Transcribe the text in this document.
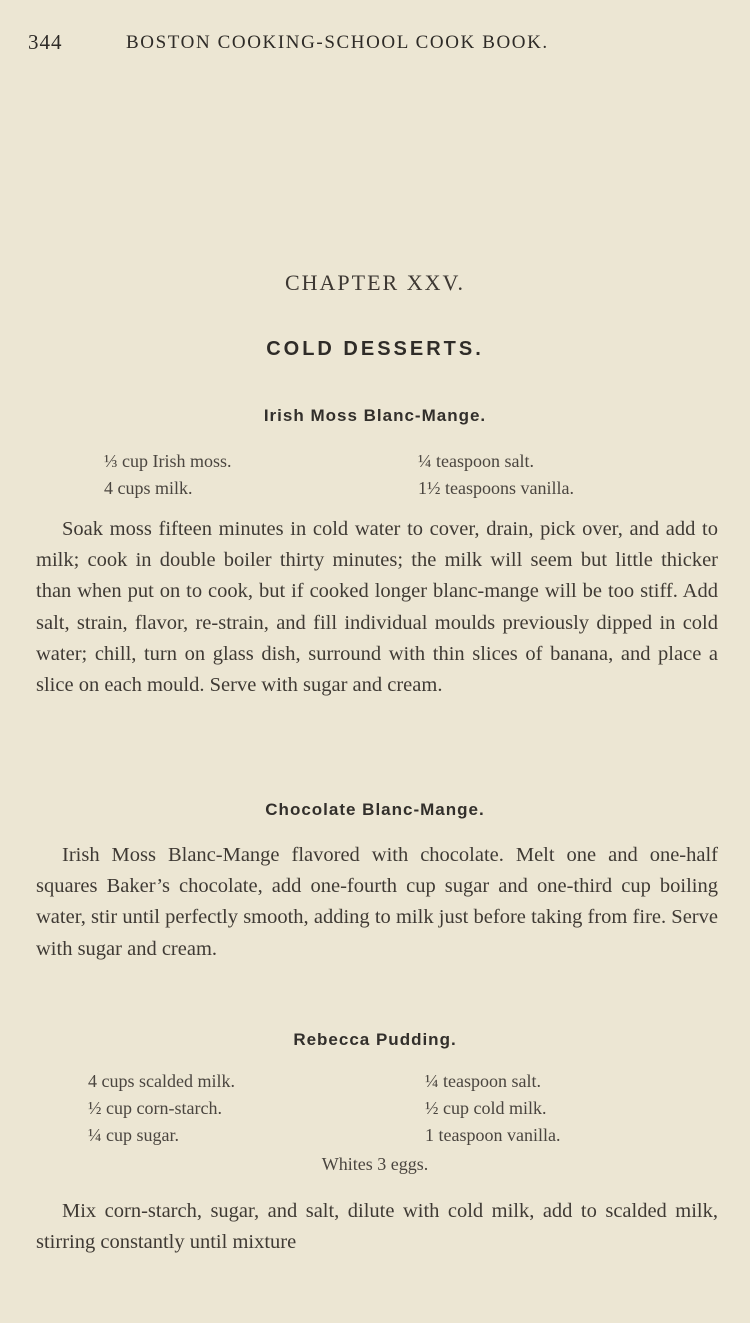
344	BOSTON COOKING-SCHOOL COOK BOOK.
CHAPTER XXV.
COLD DESSERTS.
Irish Moss Blanc-Mange.
⅓ cup Irish moss.
4 cups milk.
¼ teaspoon salt.
1½ teaspoons vanilla.

Soak moss fifteen minutes in cold water to cover, drain, pick over, and add to milk; cook in double boiler thirty minutes; the milk will seem but little thicker than when put on to cook, but if cooked longer blanc-mange will be too stiff. Add salt, strain, flavor, re-strain, and fill individual moulds previously dipped in cold water; chill, turn on glass dish, surround with thin slices of banana, and place a slice on each mould. Serve with sugar and cream.

Chocolate Blanc-Mange.

Irish Moss Blanc-Mange flavored with chocolate. Melt one and one-half squares Baker’s chocolate, add one-fourth cup sugar and one-third cup boiling water, stir until perfectly smooth, adding to milk just before taking from fire. Serve with sugar and cream.

Rebecca Pudding.
4 cups scalded milk.
½ cup corn-starch.
¼ cup sugar.
¼ teaspoon salt.
½ cup cold milk.
1 teaspoon vanilla.
Whites 3 eggs.

Mix corn-starch, sugar, and salt, dilute with cold milk, add to scalded milk, stirring constantly until mixture
